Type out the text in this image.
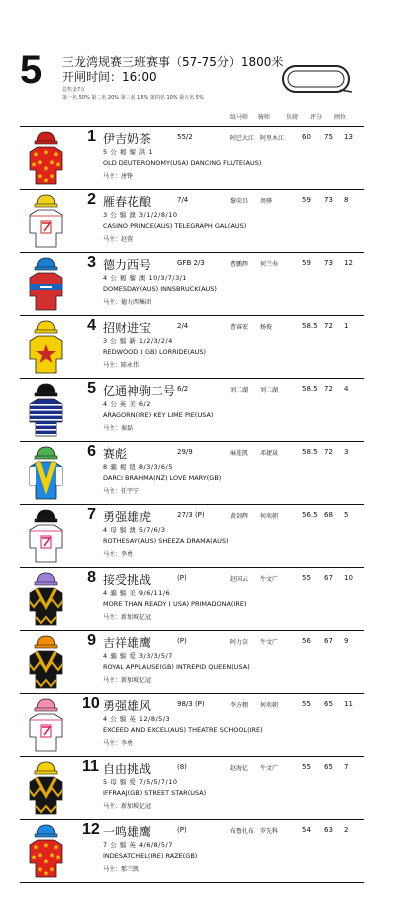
5 三龙湾规赛三班赛事（57-75分）1800米
开闸时间：16:00
总奖金7万
第一名 50% 第二名 20% 第三名 15% 第四名 10% 第五名 5%
练马师 骑师	负磅 评分 闸位
1 伊吉奶茶	55/2	阿巴大江 阿里木江	60 75 13
5 公 褐 骝 洪 1
OLD DEUTERONOMY(USA) DANCING FLUTE(AUS)
马主：唐铮
2 雁春花酿	7/4	黎荣昌 周骅	59 73 8
3 公 骝 澳 3/1/2/8/10
CASINO PRINCE(AUS) TELEGRAPH GAL(AUS)
马主：赵蓉
3 德力西号	GFB 2/3	曹鹏辉 何兰寿	59 73 12
4 公 褐 骝 澳 10/3/7/3/1
DOMESDAY(AUS) INNSBRUCK(AUS)
马主：德力西集团
4 招财进宝	2/4	曹睿宏 杨俊	58.5 72 1
3 公 骝 新 1/2/3/2/4
REDWOOD ( GB) LORRIDE(AUS)
马主：陈永伟
5 亿通神驹二号 6/2	刘二湖 刘二湖	58.5 72 4
4 公 英 美 6/2
ARAGORN(IRE) KEY LIME PIE(USA)
马主：秦磊
6 赛彪	29/9	麻连凯 邓捷晟	58.5 72 3
8 骟 褐 纽 8/3/3/6/5
DARCI BRAHMA(NZ) LOVE MARY(GB)
马主：任宇宁
7 勇强雄虎	27/3 (P)	黄剑辉 何奕朝	56.5 68 5
4 母 骝 澳 5/7/6/3
ROTHESAY(AUS) SHEEZA DRAMA(AUS)
马主：李勇
8 接受挑战	(P)	赵国云 牛文广	55 67 10
4 骟 骝 美 9/6/11/6
MORE THAN READY ( USA) PRIMADONA(IRE)
马主：新加坡亿冠
9 吉祥雄鹰	(P)	阿力奈 牛文广	56 67 9
4 骟 骝 爱 3/3/3/5/7
ROYAL APPLAUSE(GB) INTREPID QUEEN(USA)
马主：新加坡亿冠
10 勇强雄风	98/3 (P)	李方栩 何奕朝	55 65 11
4 公 骝 英 12/8/5/3
EXCEED AND EXCEL(AUS) THEATRE SCHOOL(IRE)
马主：李勇
11 自由挑战	(8)	赵海亿 牛文广	55 65 7
5 母 骝 爱 7/5/5/7/10
IFFRAAJ(GB) STREET STAR(USA)
马主：新加坡亿冠
12 一鸣雄鹰	(P)	布鲁扎布 罗先科	54 63 2
7 公 骝 英 4/6/8/5/7
INDESATCHEL(IRE) RAZE(GB)
马主：那兰凯
